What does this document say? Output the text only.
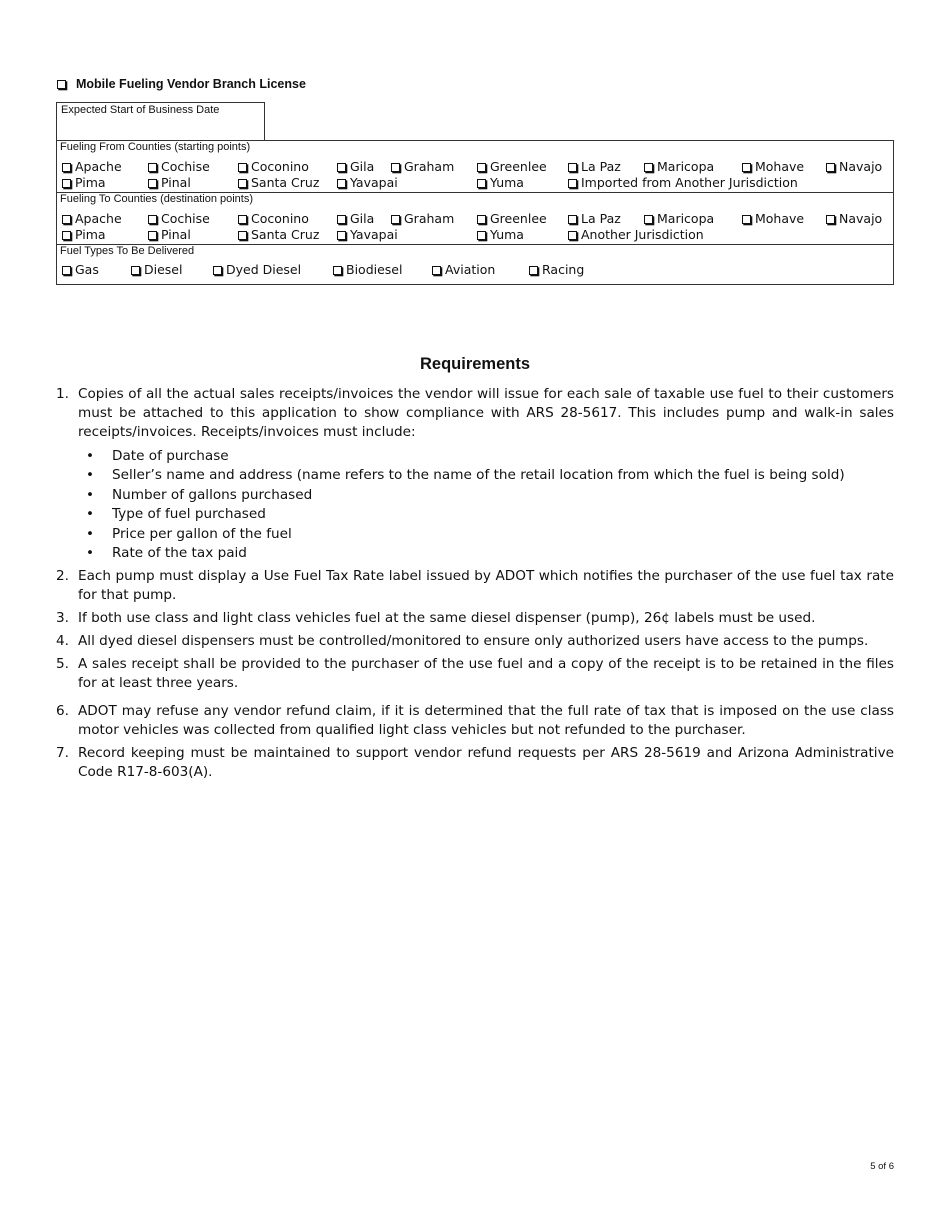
Mobile Fueling Vendor Branch License
Expected Start of Business Date
Fueling From Counties (starting points)
Apache	Cochise	Coconino	Gila	Graham	Greenlee	La Paz	Maricopa	Mohave	Navajo
Pima	Pinal	Santa Cruz	Yavapai	Yuma	Imported from Another Jurisdiction
Fueling To Counties (destination points)
Apache	Cochise	Coconino	Gila	Graham	Greenlee	La Paz	Maricopa	Mohave	Navajo
Pima	Pinal	Santa Cruz	Yavapai	Yuma	Another Jurisdiction
Fuel Types To Be Delivered
Gas	Diesel	Dyed Diesel	Biodiesel	Aviation	Racing
Requirements
1. Copies of all the actual sales receipts/invoices the vendor will issue for each sale of taxable use fuel to their customers must be attached to this application to show compliance with ARS 28-5617. This includes pump and walk-in sales receipts/invoices. Receipts/invoices must include:
• Date of purchase
• Seller’s name and address (name refers to the name of the retail location from which the fuel is being sold)
• Number of gallons purchased
• Type of fuel purchased
• Price per gallon of the fuel
• Rate of the tax paid
2. Each pump must display a Use Fuel Tax Rate label issued by ADOT which notifies the purchaser of the use fuel tax rate for that pump.
3. If both use class and light class vehicles fuel at the same diesel dispenser (pump), 26¢ labels must be used.
4. All dyed diesel dispensers must be controlled/monitored to ensure only authorized users have access to the pumps.
5. A sales receipt shall be provided to the purchaser of the use fuel and a copy of the receipt is to be retained in the files for at least three years.
6. ADOT may refuse any vendor refund claim, if it is determined that the full rate of tax that is imposed on the use class motor vehicles was collected from qualified light class vehicles but not refunded to the purchaser.
7. Record keeping must be maintained to support vendor refund requests per ARS 28-5619 and Arizona Administrative Code R17-8-603(A).
5 of 6
